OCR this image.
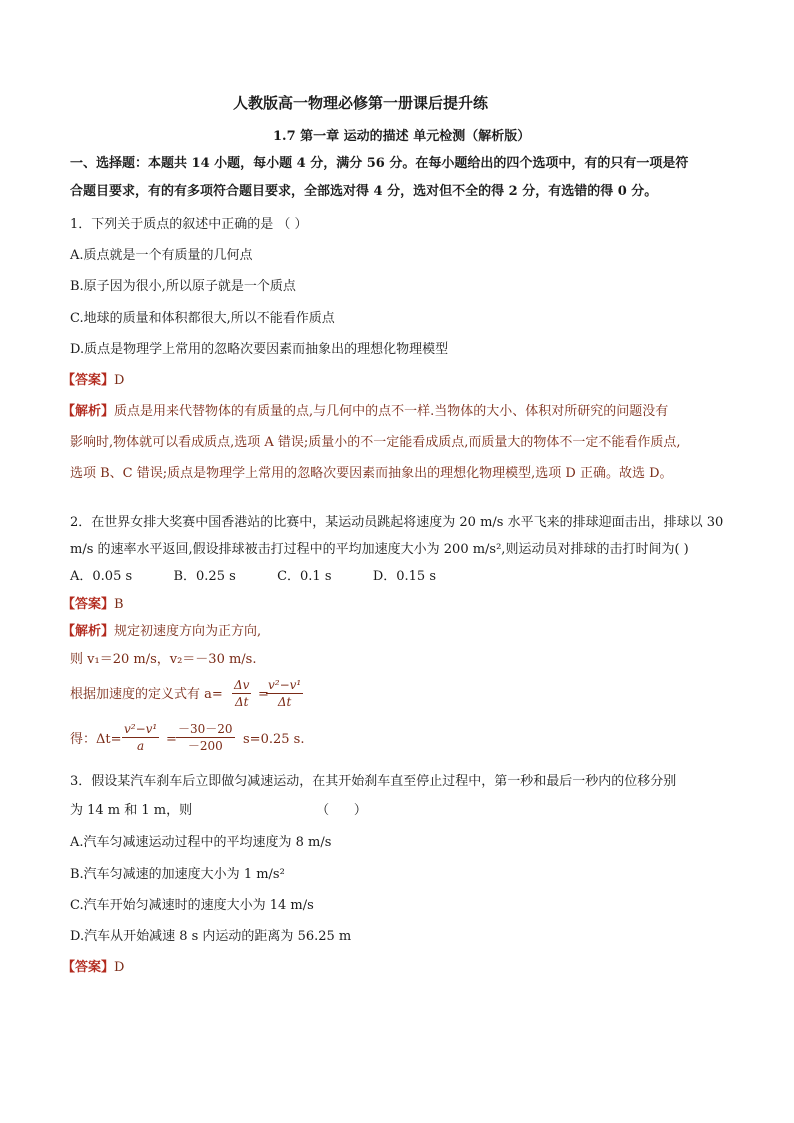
人教版高一物理必修第一册课后提升练
1.7 第一章 运动的描述 单元检测（解析版）
一、选择题：本题共 14 小题，每小题 4 分，满分 56 分。在每小题给出的四个选项中，有的只有一项是符
合题目要求，有的有多项符合题目要求，全部选对得 4 分，选对但不全的得 2 分，有选错的得 0 分。
1．下列关于质点的叙述中正确的是 （ ）
A.质点就是一个有质量的几何点
B.原子因为很小,所以原子就是一个质点
C.地球的质量和体积都很大,所以不能看作质点
D.质点是物理学上常用的忽略次要因素而抽象出的理想化物理模型
【答案】D
【解析】质点是用来代替物体的有质量的点,与几何中的点不一样.当物体的大小、体积对所研究的问题没有
影响时,物体就可以看成质点,选项 A 错误;质量小的不一定能看成质点,而质量大的物体不一定不能看作质点,
选项 B、C 错误;质点是物理学上常用的忽略次要因素而抽象出的理想化物理模型,选项 D 正确。故选 D。
2．在世界女排大奖赛中国香港站的比赛中，某运动员跳起将速度为 20 m/s 水平飞来的排球迎面击出，排球以 30
m/s 的速率水平返回,假设排球被击打过程中的平均加速度大小为 200 m/s²,则运动员对排球的击打时间为( )
A．0.05 s          B．0.25 s          C．0.1 s          D．0.15 s
【答案】B
【解析】规定初速度方向为正方向,
则 v₁＝20 m/s，v₂＝－30 m/s.
根据加速度的定义式有 a=
Δv
Δt =
v²−v¹
Δt
得：Δt=
v²−v¹
a	=
－30－20
－200	s=0.25 s.
3．假设某汽车刹车后立即做匀减速运动，在其开始刹车直至停止过程中，第一秒和最后一秒内的位移分别
为 14 m 和 1 m，则                              （      ）
A.汽车匀减速运动过程中的平均速度为 8 m/s
B.汽车匀减速的加速度大小为 1 m/s²
C.汽车开始匀减速时的速度大小为 14 m/s
D.汽车从开始减速 8 s 内运动的距离为 56.25 m
【答案】D
